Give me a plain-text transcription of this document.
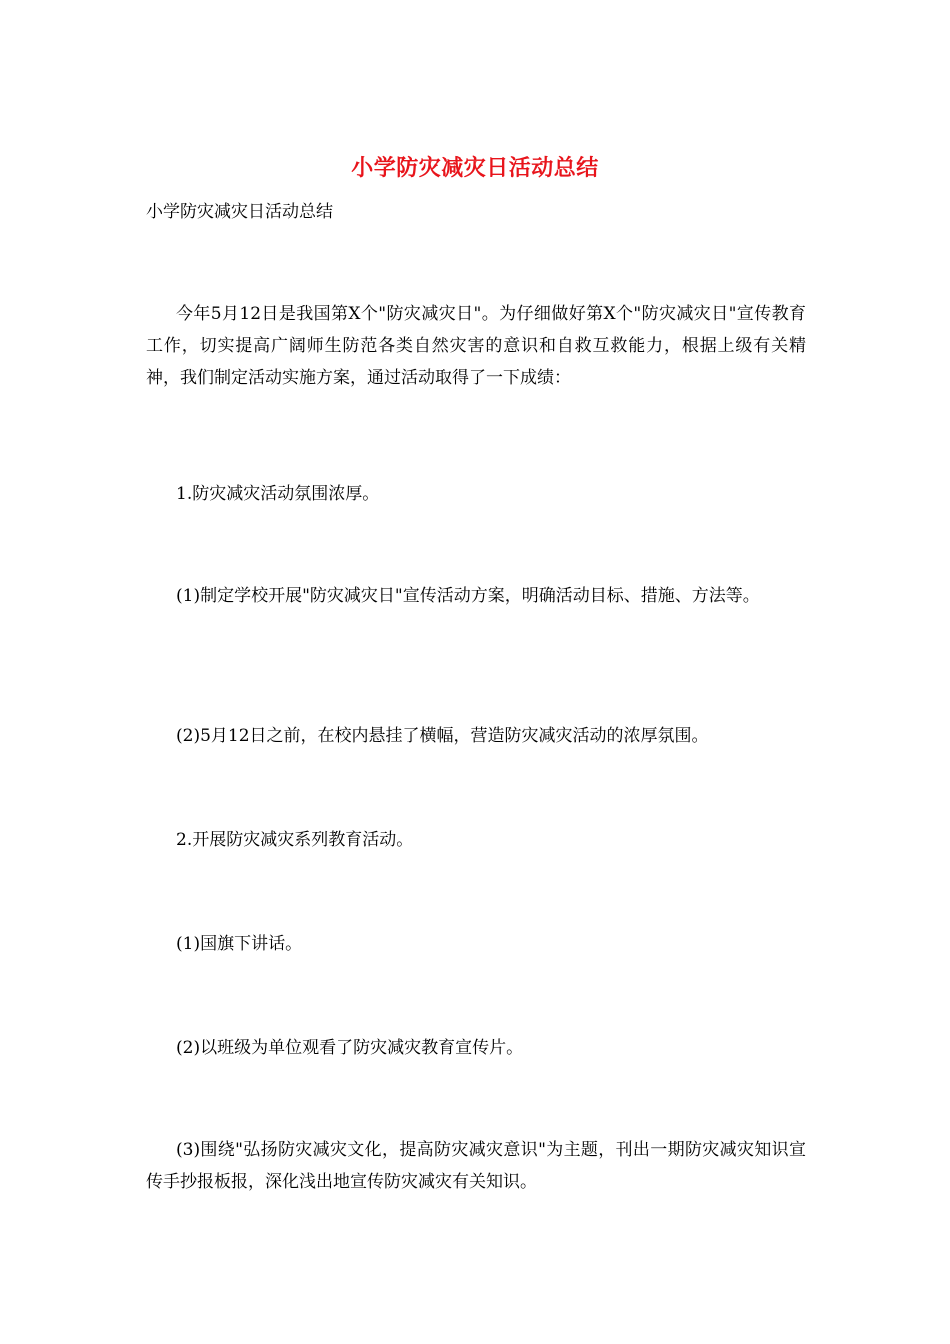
小学防灾减灾日活动总结
小学防灾减灾日活动总结

今年5月12日是我国第X个"防灾减灾日"。为仔细做好第X个"防灾减灾日"宣传教育工作，切实提高广阔师生防范各类自然灾害的意识和自救互救能力，根据上级有关精神，我们制定活动实施方案，通过活动取得了一下成绩：

1.防灾减灾活动氛围浓厚。

(1)制定学校开展"防灾减灾日"宣传活动方案，明确活动目标、措施、方法等。

(2)5月12日之前，在校内悬挂了横幅，营造防灾减灾活动的浓厚氛围。

2.开展防灾减灾系列教育活动。

(1)国旗下讲话。

(2)以班级为单位观看了防灾减灾教育宣传片。

(3)围绕"弘扬防灾减灾文化，提高防灾减灾意识"为主题，刊出一期防灾减灾知识宣传手抄报板报，深化浅出地宣传防灾减灾有关知识。
